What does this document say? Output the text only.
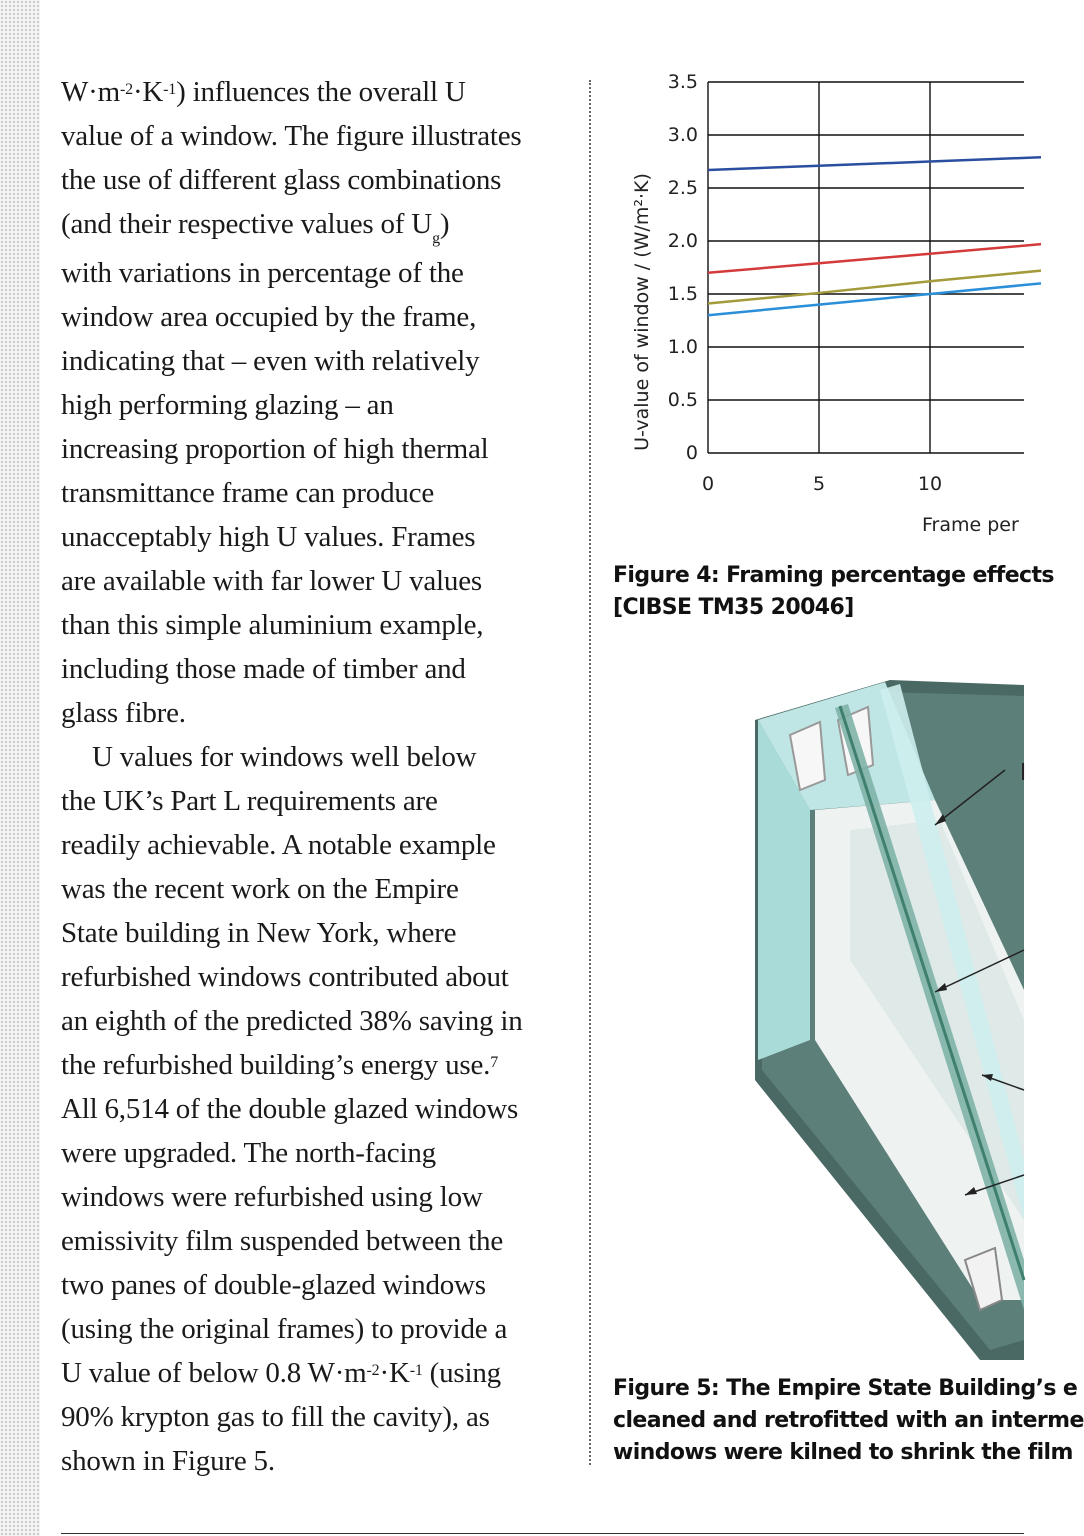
$W\cdot m^{-2}\cdot K^{-1}$) influences the overall U
value of a window. The figure illustrates
the use of different glass combinations
(and their respective values of $U_g$)
with variations in percentage of the
window area occupied by the frame,
indicating that – even with relatively
high performing glazing – an
increasing proportion of high thermal
transmittance frame can produce
unacceptably high U values. Frames
are available with far lower U values
than this simple aluminium example,
including those made of timber and
glass fibre.
U values for windows well below
the UK’s Part L requirements are
readily achievable. A notable example
was the recent work on the Empire
State building in New York, where
refurbished windows contributed about
an eighth of the predicted 38% saving in
the refurbished building’s energy use.$^7$
All 6,514 of the double glazed windows
were upgraded. The north-facing
windows were refurbished using low
emissivity film suspended between the
two panes of double-glazed windows
(using the original frames) to provide a
U value of below 0.8 $W\cdot m^{-2}\cdot K^{-1}$ (using
90% krypton gas to fill the cavity), as
shown in Figure 5.
0
0.5
1.0
1.5
2.0
2.5
3.0
3.5
0	5	10
U-value of window / (W/m²·K)
Frame per
Figure 4: Framing percentage effects
[CIBSE TM35 20046]
l
Figure 5: The Empire State Building’s e
cleaned and retrofitted with an interme
windows were kilned to shrink the film
